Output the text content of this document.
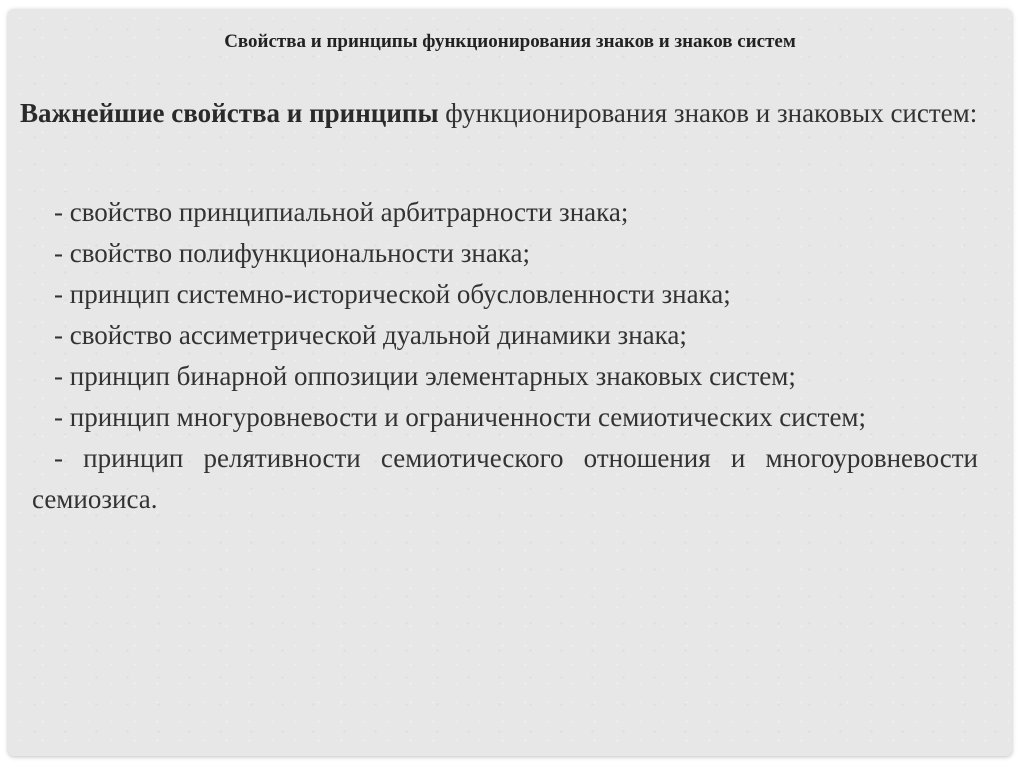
Свойства и принципы функционирования знаков и знаков систем

Важнейшие свойства и принципы функционирования знаков и знаковых систем:

- свойство принципиальной арбитрарности знака;
- свойство полифункциональности знака;
- принцип системно-исторической обусловленности знака;
- свойство ассиметрической дуальной динамики знака;
- принцип бинарной оппозиции элементарных знаковых систем;
- принцип многуровневости и ограниченности семиотических систем;
- принцип релятивности семиотического отношения и многоуровневости семиозиса.
